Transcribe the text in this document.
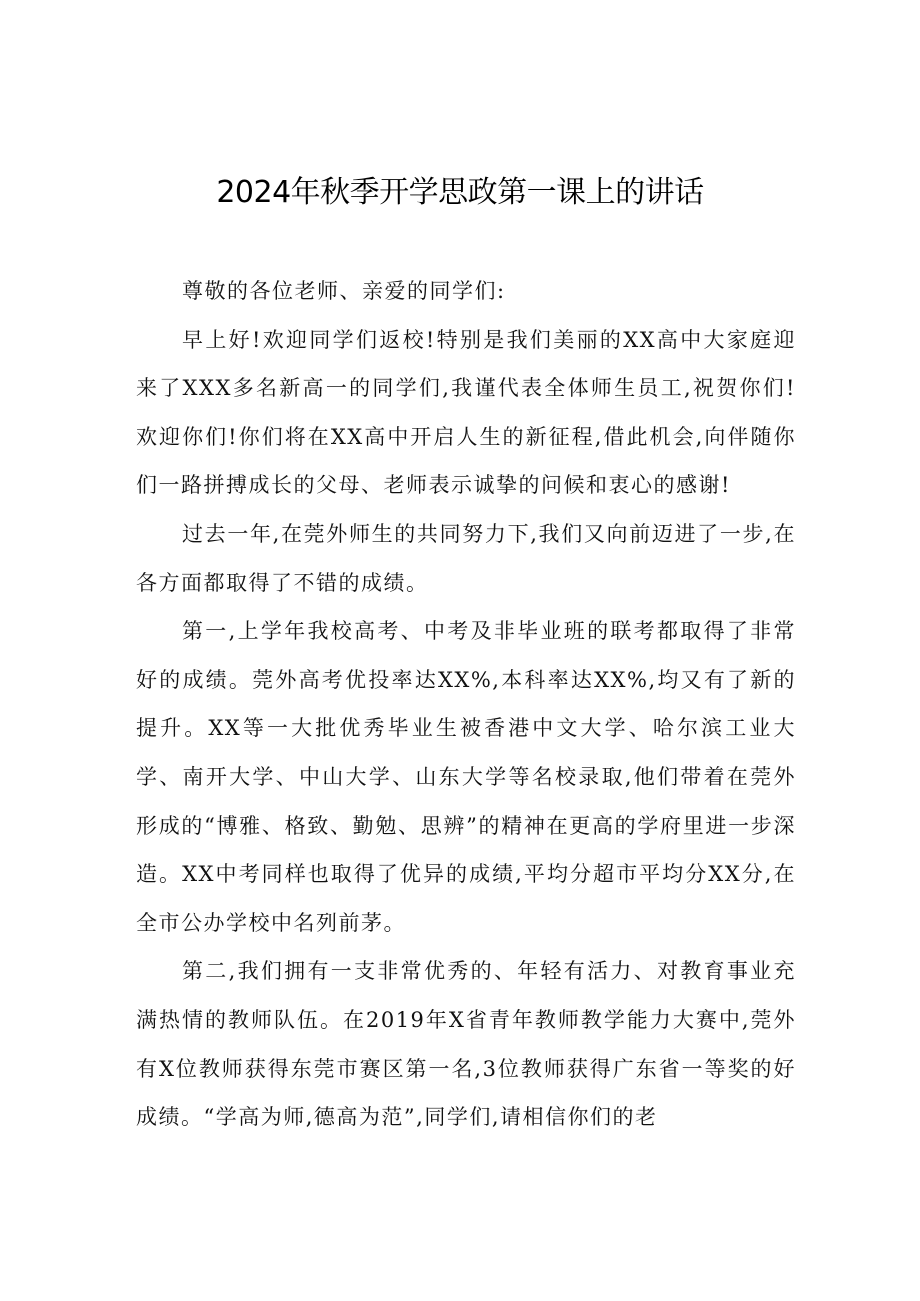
2024年秋季开学思政第一课上的讲话

尊敬的各位老师、亲爱的同学们:

早上好!欢迎同学们返校!特别是我们美丽的XX高中大家庭迎来了XXX多名新高一的同学们,我谨代表全体师生员工,祝贺你们!欢迎你们!你们将在XX高中开启人生的新征程,借此机会,向伴随你们一路拼搏成长的父母、老师表示诚挚的问候和衷心的感谢!

过去一年,在莞外师生的共同努力下,我们又向前迈进了一步,在各方面都取得了不错的成绩。

第一,上学年我校高考、中考及非毕业班的联考都取得了非常好的成绩。莞外高考优投率达XX%,本科率达XX%,均又有了新的提升。XX等一大批优秀毕业生被香港中文大学、哈尔滨工业大学、南开大学、中山大学、山东大学等名校录取,他们带着在莞外形成的“博雅、格致、勤勉、思辨”的精神在更高的学府里进一步深造。XX中考同样也取得了优异的成绩,平均分超市平均分XX分,在全市公办学校中名列前茅。

第二,我们拥有一支非常优秀的、年轻有活力、对教育事业充满热情的教师队伍。在2019年X省青年教师教学能力大赛中,莞外有X位教师获得东莞市赛区第一名,3位教师获得广东省一等奖的好成绩。“学高为师,德高为范”,同学们,请相信你们的老
